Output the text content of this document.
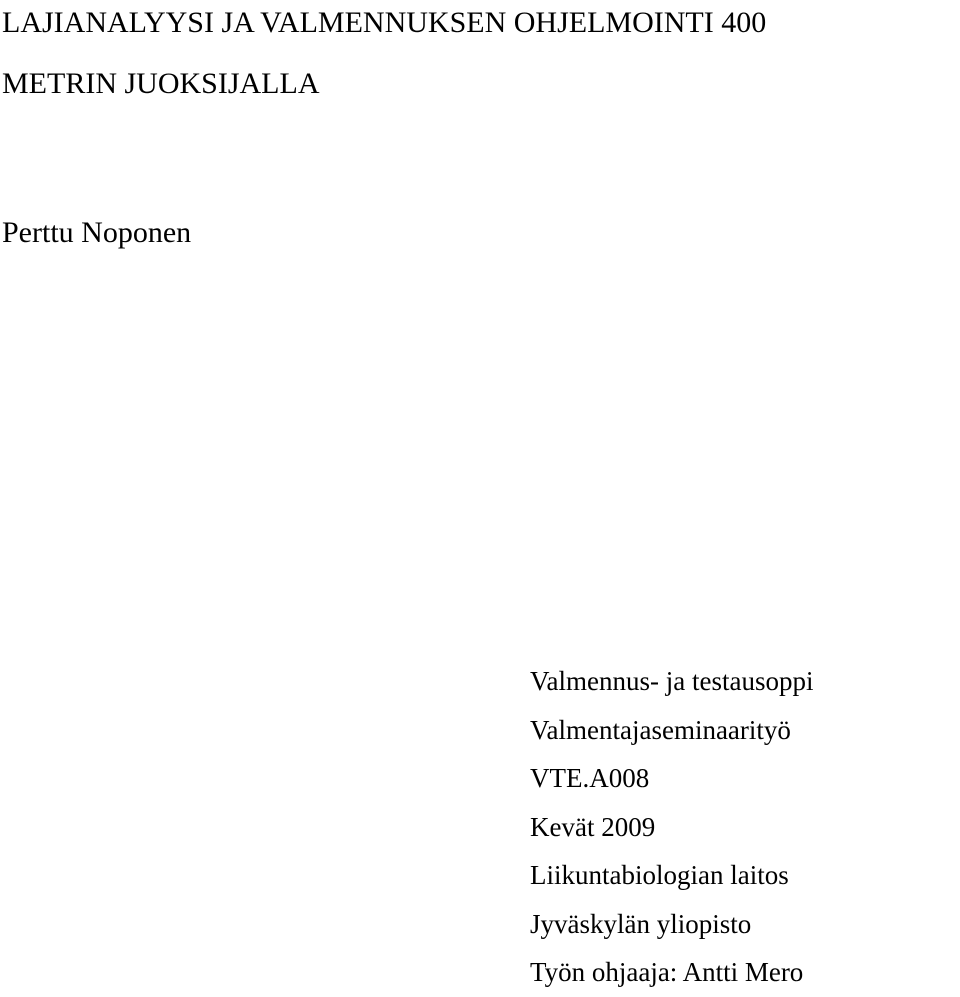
LAJIANALYYSI JA VALMENNUKSEN OHJELMOINTI 400
METRIN JUOKSIJALLA

Perttu Noponen

Valmennus- ja testausoppi
Valmentajaseminaarityö
VTE.A008
Kevät 2009
Liikuntabiologian laitos
Jyväskylän yliopisto
Työn ohjaaja: Antti Mero
